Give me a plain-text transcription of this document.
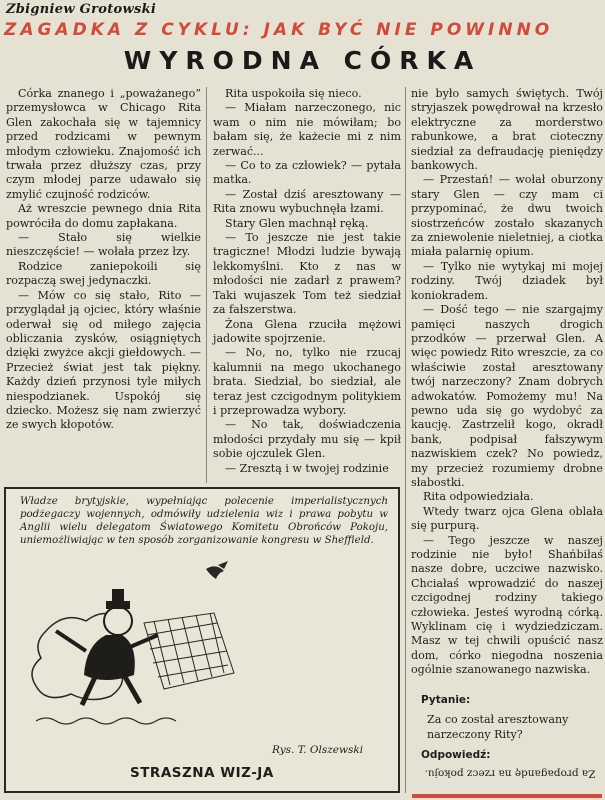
Zbigniew Grotowski
ZAGADKA Z CYKLU: JAK BYĆ NIE POWINNO
WYRODNA CÓRKA

Córka znanego i „poważanego” przemysłowca w Chicago Rita Glen zakochała się w tajemnicy przed rodzicami w pewnym młodym człowieku. Znajomość ich trwała przez dłuższy czas, przy czym młodej parze udawało się zmylić czujność rodziców.

Aż wreszcie pewnego dnia Rita powróciła do domu zapłakana.

— Stało się wielkie nieszczęście! — wołała przez łzy.

Rodzice zaniepokoili się rozpaczą swej jedynaczki.

— Mów co się stało, Rito — przyglądał ją ojciec, który właśnie oderwał się od miłego zajęcia obliczania zysków, osiągniętych dzięki zwyżce akcji giełdowych. — Przecież świat jest tak piękny. Każdy dzień przynosi tyle miłych niespodzianek. Uspokój się dziecko. Możesz się nam zwierzyć ze swych kłopotów.

Rita uspokoiła się nieco.

— Miałam narzeczonego, nic wam o nim nie mówiłam; bo bałam się, że każecie mi z nim zerwać...

— Co to za człowiek? — pytała matka.

— Został dziś aresztowany — Rita znowu wybuchnęła łzami.

Stary Glen machnął ręką.

— To jeszcze nie jest takie tragiczne! Młodzi ludzie bywają lekkomyślni. Kto z nas w młodości nie zadarł z prawem? Taki wujaszek Tom też siedział za fałszerstwa.

Żona Glena rzuciła mężowi jadowite spojrzenie.

— No, no, tylko nie rzucaj kalumnii na mego ukochanego brata. Siedział, bo siedział, ale teraz jest czcigodnym politykiem i przeprowadza wybory.

— No tak, doświadczenia młodości przydały mu się — kpił sobie ojczulek Glen.

— Zresztą i w twojej rodzinie

nie było samych świętych. Twój stryjaszek powędrował na krzesło elektryczne za morderstwo rabunkowe, a brat ciotеczny siedział za defraudację pieniędzy bankowych.

— Przestań! — wołał oburzony stary Glen — czy mam ci przypominać, że dwu twoich siostrzeńców zostało skazanych za zniewolenie nieletniej, a ciotka miała palarnię opium.

— Tylko nie wytykaj mi mojej rodziny. Twój dziadek był koniokradem.

— Dość tego — nie szargajmy pamięci naszych drogich przodków — przerwał Glen. A więc powiedz Rito wreszcie, za co właściwie został aresztowany twój narzeczony? Znam dobrych adwokatów. Pomożemy mu! Na pewno uda się go wydobyć za kaucję. Zastrzelił kogo, okradł bank, podpisał fałszywym nazwiskiem czek? No powiedz, my przecież rozumiemy drobne słabostki.

Rita odpowiedziała.

Wtedy twarz ojca Glena oblała się purpurą.

— Tego jeszcze w naszej rodzinie nie było! Shańbiłaś nasze dobre, uczciwe nazwisko. Chciałaś wprowadzić do naszej czcigodnej rodziny takiego człowieka. Jesteś wyrodną córką. Wyklinam cię i wydziedziczam. Masz w tej chwili opuścić nasz dom, córko niegodna noszenia ogólnie szanowanego nazwiska.

Pytanie:
Za co został aresztowany narzeczony Rity?
Odpowiedź:
Za propagandę na rzecz pokoju.
Władze brytyjskie, wypełniając polecenie imperialistycznych podżegaczy wojennych, odmówiły udzielenia wiz i prawa pobytu w Anglii wielu delegatom Światowego Komitetu Obrońców Pokoju, uniemożliwiając w ten sposób zorganizowanie kongresu w Sheffield.
Rys. T. Olszewski
STRASZNA WIZ-JA
